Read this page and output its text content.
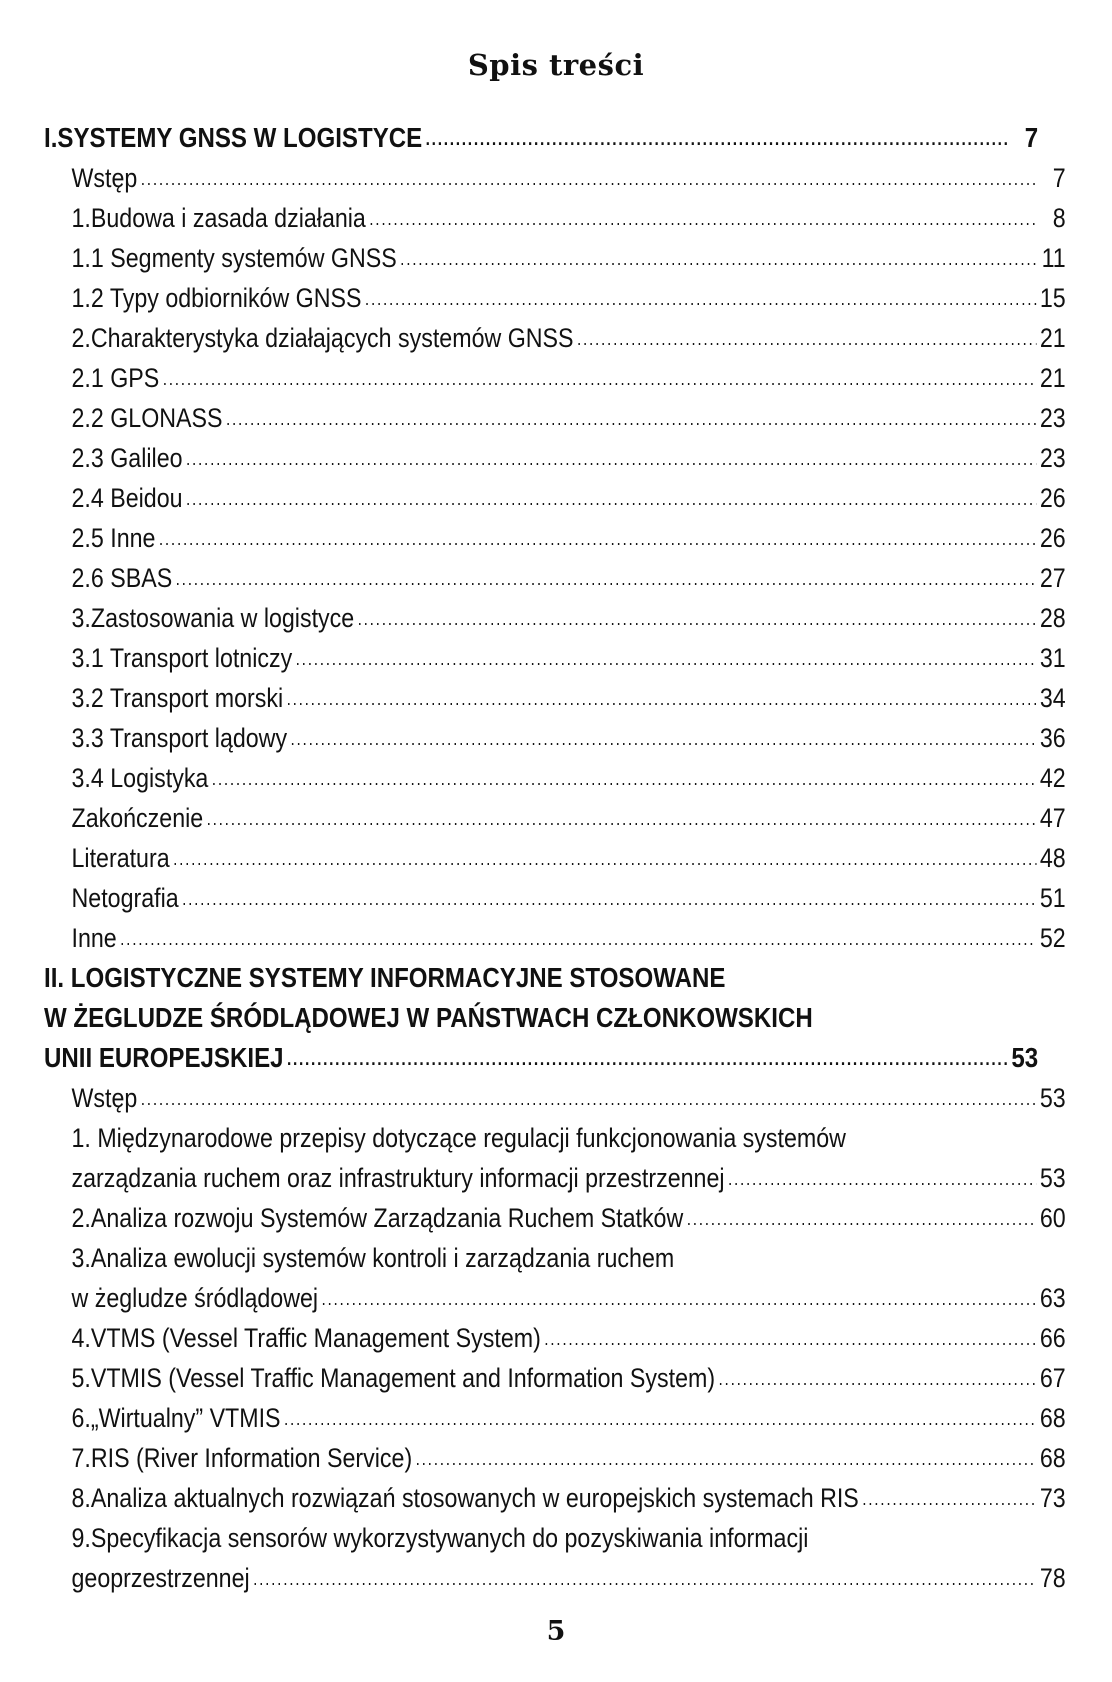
Spis treści
I.SYSTEMY GNSS W LOGISTYCE .....	7
Wstęp .....	7
1.Budowa i zasada działania .....	8
1.1 Segmenty systemów GNSS .....	11
1.2 Typy odbiorników GNSS .....	15
2.Charakterystyka działających systemów GNSS .....	21
2.1 GPS .....	21
2.2 GLONASS .....	23
2.3 Galileo .....	23
2.4 Beidou .....	26
2.5 Inne .....	26
2.6 SBAS .....	27
3.Zastosowania w logistyce .....	28
3.1 Transport lotniczy .....	31
3.2 Transport morski .....	34
3.3 Transport lądowy .....	36
3.4 Logistyka .....	42
Zakończenie .....	47
Literatura .....	48
Netografia .....	51
Inne .....	52
II. LOGISTYCZNE SYSTEMY INFORMACYJNE STOSOWANE
W ŻEGLUDZE ŚRÓDLĄDOWEJ W PAŃSTWACH CZŁONKOWSKICH
UNII EUROPEJSKIEJ .....	53
Wstęp .....	53
1. Międzynarodowe przepisy dotyczące regulacji funkcjonowania systemów
zarządzania ruchem oraz infrastruktury informacji przestrzennej .....	53
2.Analiza rozwoju Systemów Zarządzania Ruchem Statków .....	60
3.Analiza ewolucji systemów kontroli i zarządzania ruchem
w żegludze śródlądowej .....	63
4.VTMS (Vessel Traffic Management System) .....	66
5.VTMIS (Vessel Traffic Management and Information System) .....	67
6.„Wirtualny” VTMIS .....	68
7.RIS (River Information Service) .....	68
8.Analiza aktualnych rozwiązań stosowanych w europejskich systemach RIS .....	73
9.Specyfikacja sensorów wykorzystywanych do pozyskiwania informacji
geoprzestrzennej .....	78
5
